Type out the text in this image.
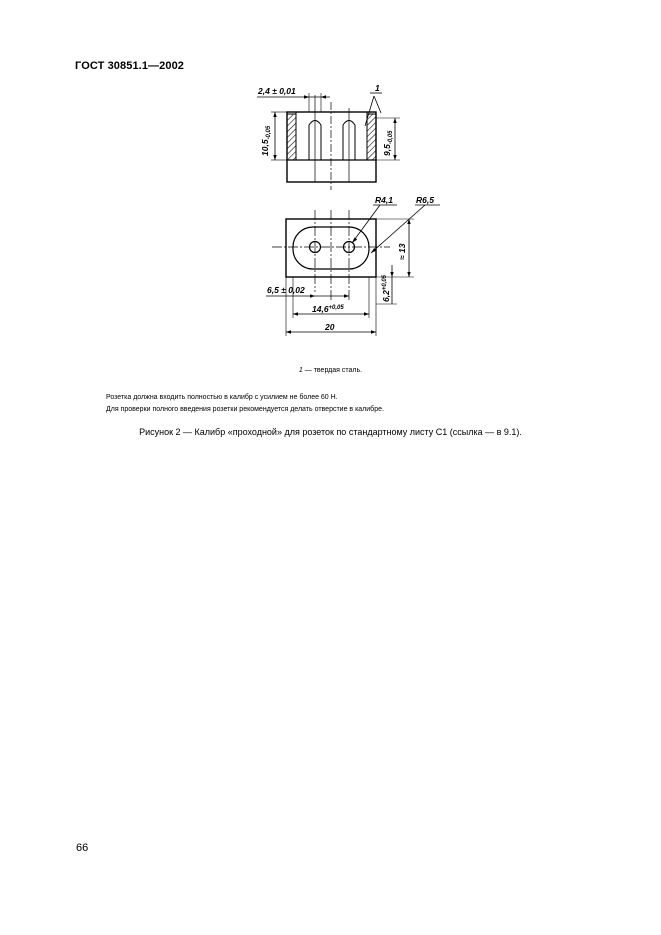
ГОСТ 30851.1—2002
1
2,4 ± 0,01
$10,5_{-0,05}$
$9,5_{-0,05}$
R4,1	R6,5
≈ 13
$6,2^{+0,05}$
6,5 ± 0,02
$14,6^{+0,05}$
20
1 — твердая сталь.
Розетка должна входить полностью в калибр с усилием не более 60 Н.
Для проверки полного введения розетки рекомендуется делать отверстие в калибре.
Рисунок 2 — Калибр «проходной» для розеток по стандартному листу С1 (ссылка — в 9.1).
66
